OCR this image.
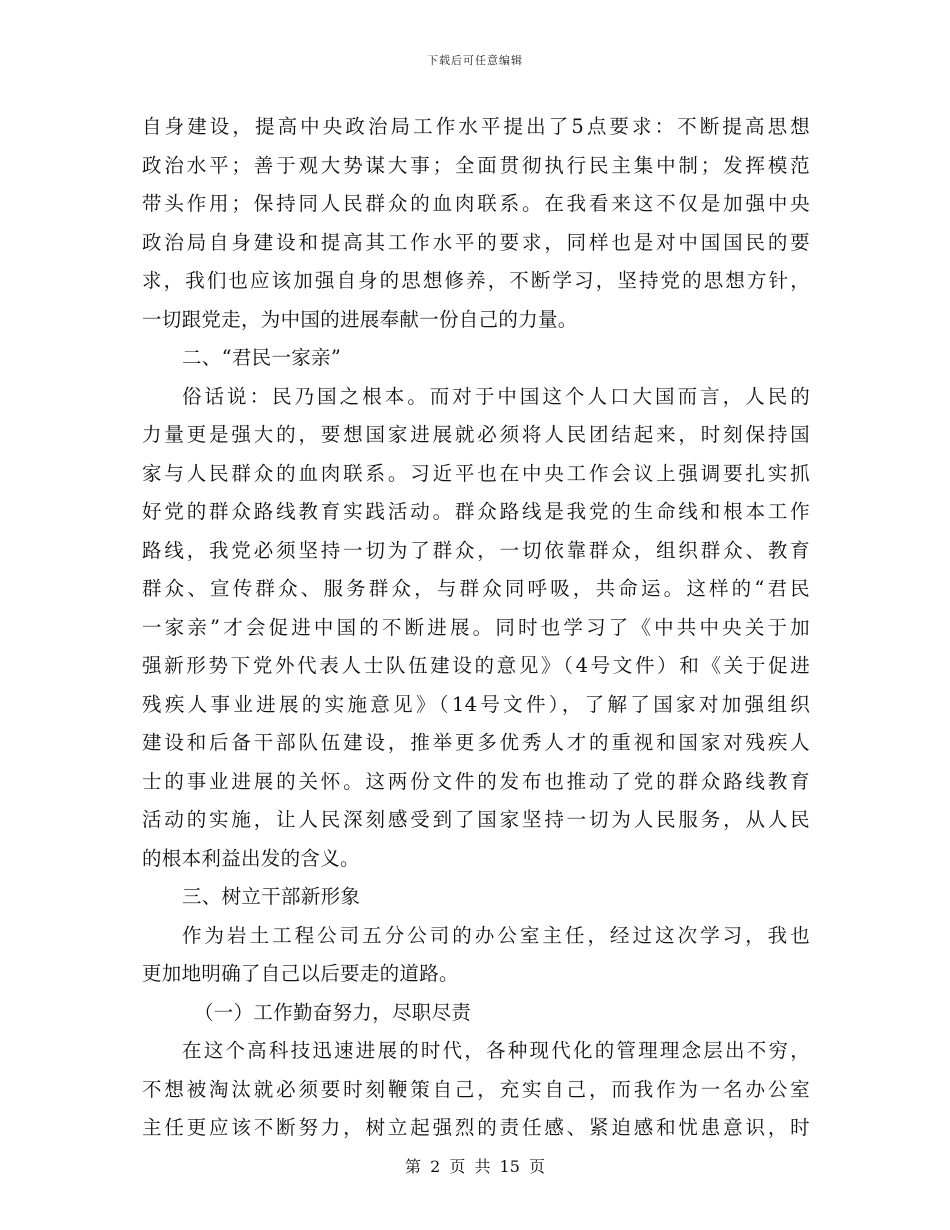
下载后可任意编辑
自身建设，提高中央政治局工作水平提出了5点要求：不断提高思想
政治水平；善于观大势谋大事；全面贯彻执行民主集中制；发挥模范
带头作用；保持同人民群众的血肉联系。在我看来这不仅是加强中央
政治局自身建设和提高其工作水平的要求，同样也是对中国国民的要
求，我们也应该加强自身的思想修养，不断学习，坚持党的思想方针，
一切跟党走，为中国的进展奉献一份自己的力量。
二、“君民一家亲”
俗话说：民乃国之根本。而对于中国这个人口大国而言，人民的
力量更是强大的，要想国家进展就必须将人民团结起来，时刻保持国
家与人民群众的血肉联系。习近平也在中央工作会议上强调要扎实抓
好党的群众路线教育实践活动。群众路线是我党的生命线和根本工作
路线，我党必须坚持一切为了群众，一切依靠群众，组织群众、教育
群众、宣传群众、服务群众，与群众同呼吸，共命运。这样的“君民
一家亲”才会促进中国的不断进展。同时也学习了《中共中央关于加
强新形势下党外代表人士队伍建设的意见》（4号文件）和《关于促进
残疾人事业进展的实施意见》（14号文件），了解了国家对加强组织
建设和后备干部队伍建设，推举更多优秀人才的重视和国家对残疾人
士的事业进展的关怀。这两份文件的发布也推动了党的群众路线教育
活动的实施，让人民深刻感受到了国家坚持一切为人民服务，从人民
的根本利益出发的含义。
三、树立干部新形象
作为岩土工程公司五分公司的办公室主任，经过这次学习，我也
更加地明确了自己以后要走的道路。
（一）工作勤奋努力，尽职尽责
在这个高科技迅速进展的时代，各种现代化的管理理念层出不穷，
不想被淘汰就必须要时刻鞭策自己，充实自己，而我作为一名办公室
主任更应该不断努力，树立起强烈的责任感、紧迫感和忧患意识，时
第 2 页 共 15 页
